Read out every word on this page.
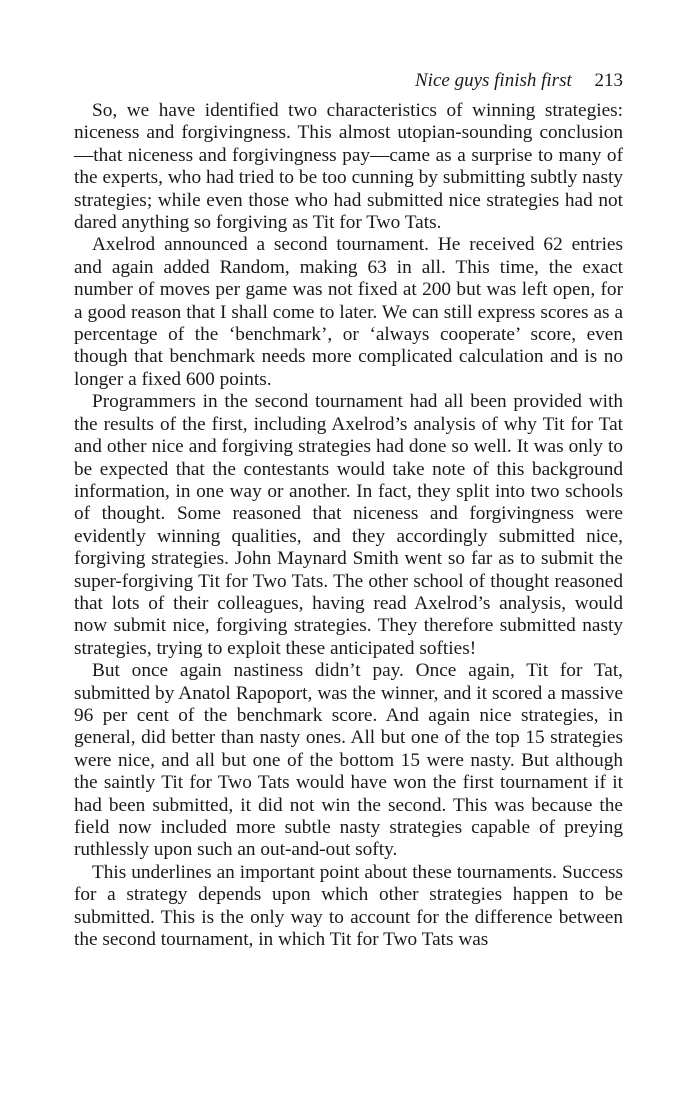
Nice guys finish first 213

So, we have identified two characteristics of winning strategies: niceness and forgivingness. This almost utopian-sounding conclusion—that niceness and forgivingness pay—came as a surprise to many of the experts, who had tried to be too cunning by submitting subtly nasty strategies; while even those who had submitted nice strategies had not dared anything so forgiving as Tit for Two Tats.

Axelrod announced a second tournament. He received 62 entries and again added Random, making 63 in all. This time, the exact number of moves per game was not fixed at 200 but was left open, for a good reason that I shall come to later. We can still express scores as a percentage of the ‘benchmark’, or ‘always cooperate’ score, even though that benchmark needs more complicated calculation and is no longer a fixed 600 points.

Programmers in the second tournament had all been provided with the results of the first, including Axelrod’s analysis of why Tit for Tat and other nice and forgiving strategies had done so well. It was only to be expected that the contestants would take note of this background information, in one way or another. In fact, they split into two schools of thought. Some reasoned that niceness and forgivingness were evidently winning qualities, and they accordingly submitted nice, forgiving strategies. John Maynard Smith went so far as to submit the super-forgiving Tit for Two Tats. The other school of thought reasoned that lots of their colleagues, having read Axelrod’s analysis, would now submit nice, forgiving strategies. They therefore submitted nasty strategies, trying to exploit these anticipated softies!

But once again nastiness didn’t pay. Once again, Tit for Tat, submitted by Anatol Rapoport, was the winner, and it scored a massive 96 per cent of the benchmark score. And again nice strategies, in general, did better than nasty ones. All but one of the top 15 strategies were nice, and all but one of the bottom 15 were nasty. But although the saintly Tit for Two Tats would have won the first tournament if it had been submitted, it did not win the second. This was because the field now included more subtle nasty strategies capable of preying ruthlessly upon such an out-and-out softy.

This underlines an important point about these tournaments. Success for a strategy depends upon which other strategies happen to be submitted. This is the only way to account for the difference between the second tournament, in which Tit for Two Tats was
